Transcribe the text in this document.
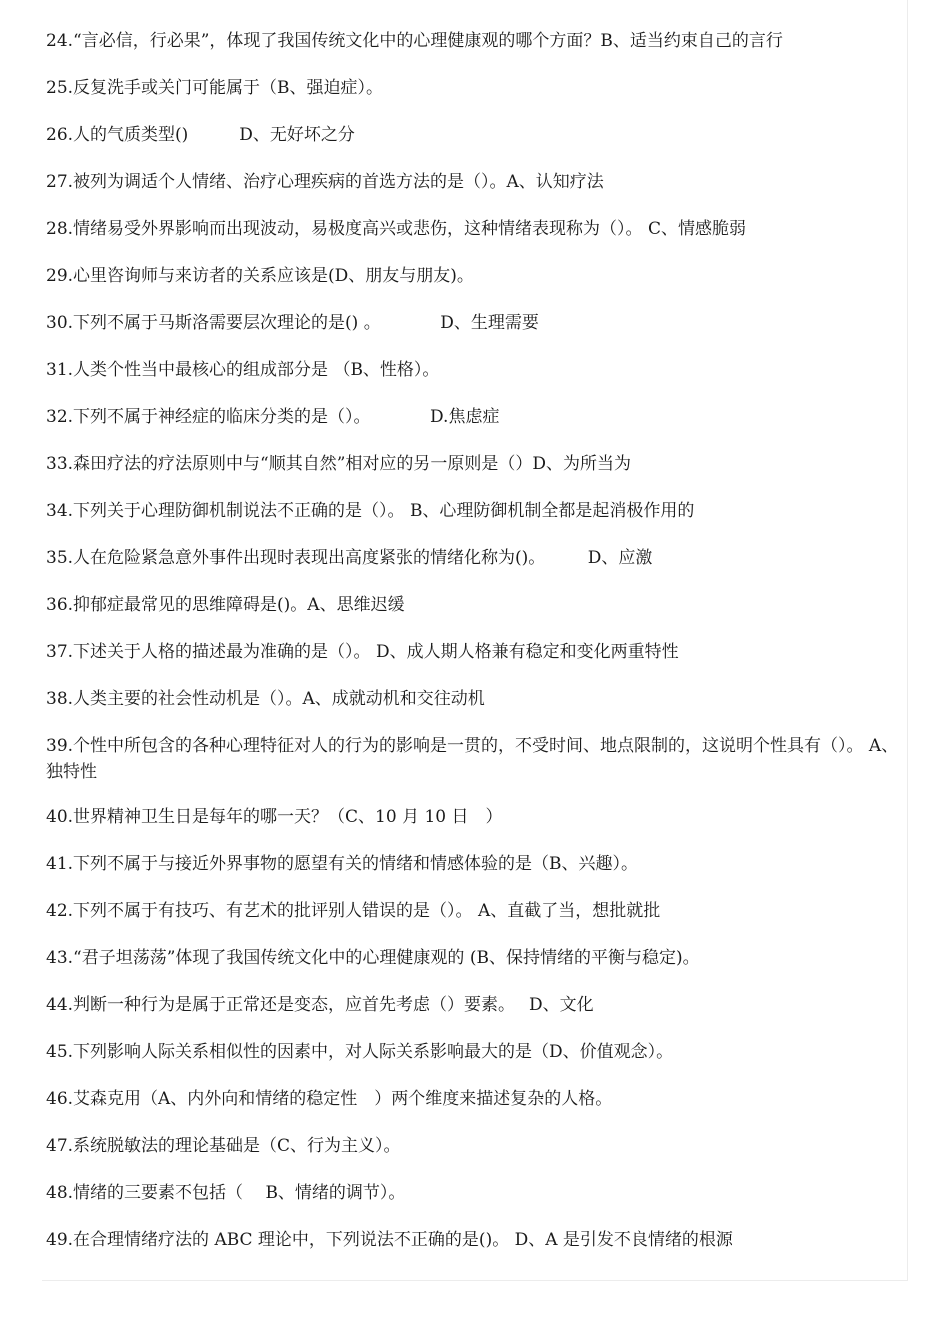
24.“言必信，行必果”，体现了我国传统文化中的心理健康观的哪个方面？B、适当约束自己的言行
25.反复洗手或关门可能属于（B、强迫症）。
26.人的气质类型()　　　D、无好坏之分
27.被列为调适个人情绪、治疗心理疾病的首选方法的是（）。A、认知疗法
28.情绪易受外界影响而出现波动，易极度高兴或悲伤，这种情绪表现称为（）。 C、情感脆弱
29.心里咨询师与来访者的关系应该是(D、朋友与朋友)。
30.下列不属于马斯洛需要层次理论的是() 。　　　　D、生理需要
31.人类个性当中最核心的组成部分是 （B、性格）。
32.下列不属于神经症的临床分类的是（）。　　　　D.焦虑症
33.森田疗法的疗法原则中与“顺其自然”相对应的另一原则是（）D、为所当为
34.下列关于心理防御机制说法不正确的是（）。 B、心理防御机制全都是起消极作用的
35.人在危险紧急意外事件出现时表现出高度紧张的情绪化称为()。　　　D、应激
36.抑郁症最常见的思维障碍是()。A、思维迟缓
37.下述关于人格的描述最为准确的是（）。 D、成人期人格兼有稳定和变化两重特性
38.人类主要的社会性动机是（）。A、成就动机和交往动机
39.个性中所包含的各种心理特征对人的行为的影响是一贯的，不受时间、地点限制的，这说明个性具有（）。 A、独特性
40.世界精神卫生日是每年的哪一天？（C、10 月 10 日　）
41.下列不属于与接近外界事物的愿望有关的情绪和情感体验的是（B、兴趣）。
42.下列不属于有技巧、有艺术的批评别人错误的是（）。 A、直截了当，想批就批
43.“君子坦荡荡”体现了我国传统文化中的心理健康观的 (B、保持情绪的平衡与稳定)。
44.判断一种行为是属于正常还是变态，应首先考虑（）要素。　 D、文化
45.下列影响人际关系相似性的因素中，对人际关系影响最大的是（D、价值观念）。
46.艾森克用（A、内外向和情绪的稳定性　）两个维度来描述复杂的人格。
47.系统脱敏法的理论基础是（C、行为主义）。
48.情绪的三要素不包括（　 B、情绪的调节）。
49.在合理情绪疗法的 ABC 理论中，下列说法不正确的是()。 D、A 是引发不良情绪的根源
